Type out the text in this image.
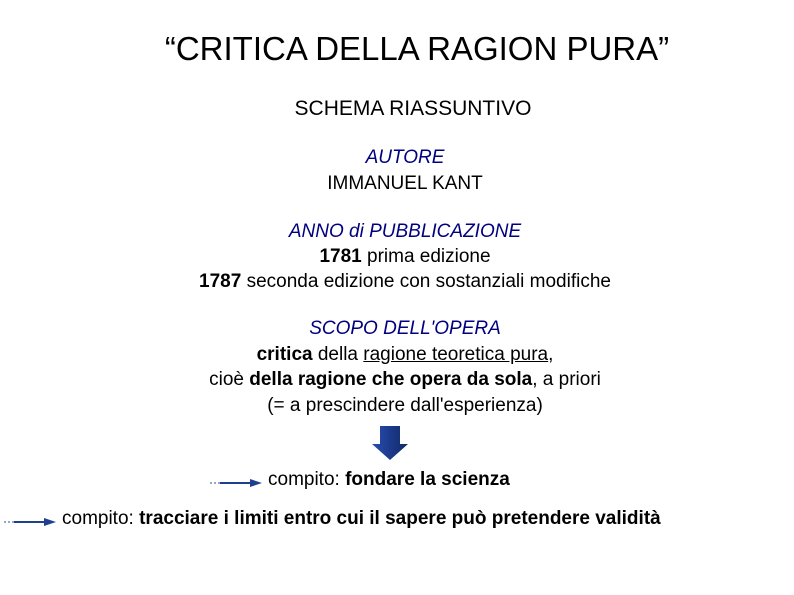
“CRITICA DELLA RAGION PURA”
SCHEMA RIASSUNTIVO
AUTORE
IMMANUEL KANT
ANNO di PUBBLICAZIONE
1781 prima edizione
1787 seconda edizione con sostanziali modifiche
SCOPO DELL'OPERA
critica della ragione teoretica pura,
cioè della ragione che opera da sola, a priori
(= a prescindere dall'esperienza)
compito: fondare la scienza
compito: tracciare i limiti entro cui il sapere può pretendere validità
